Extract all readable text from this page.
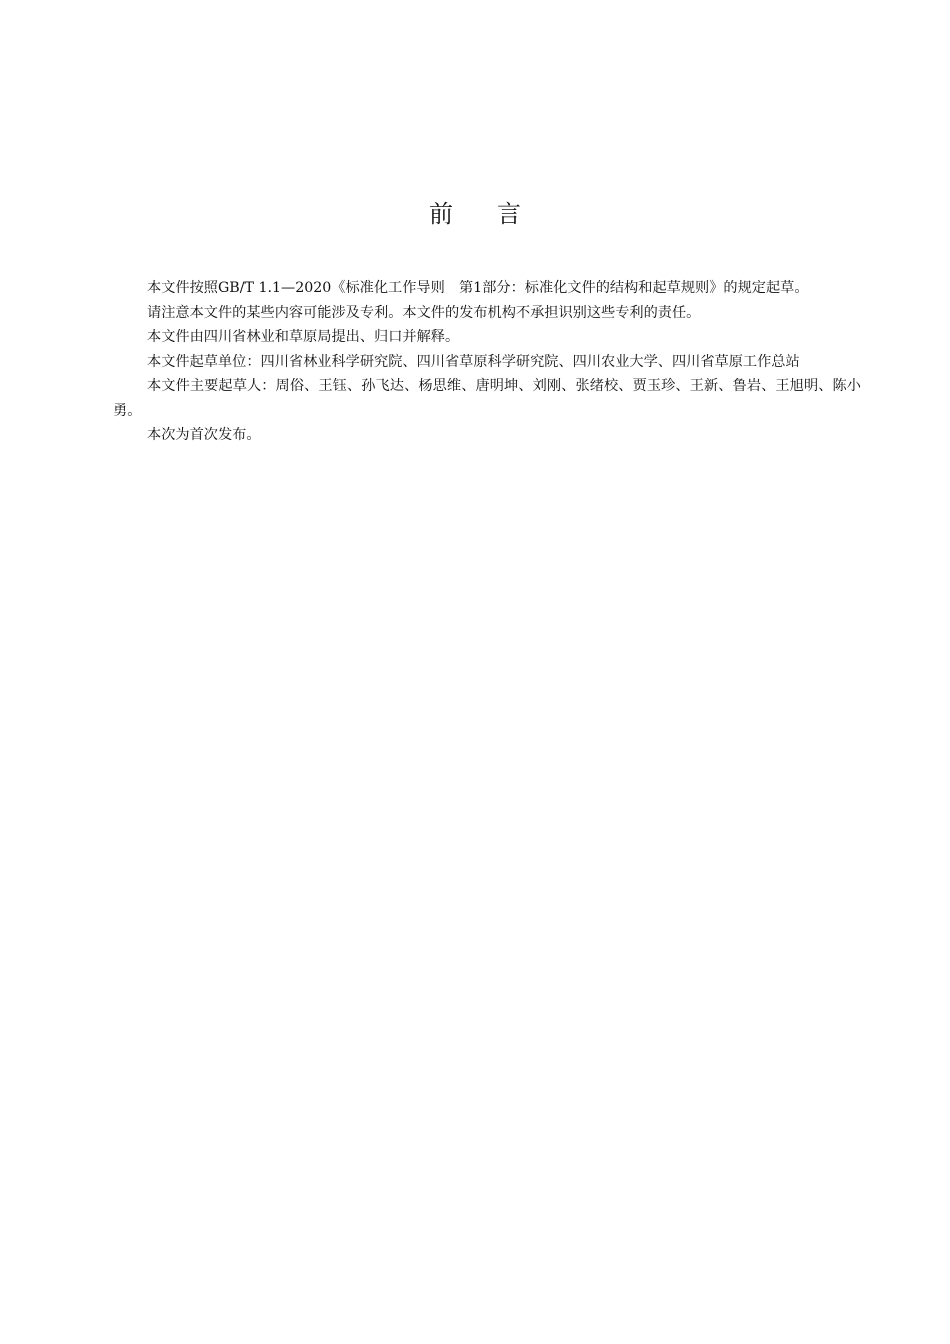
前 言

本文件按照GB/T 1.1—2020《标准化工作导则　第1部分：标准化文件的结构和起草规则》的规定起草。

请注意本文件的某些内容可能涉及专利。本文件的发布机构不承担识别这些专利的责任。

本文件由四川省林业和草原局提出、归口并解释。

本文件起草单位：四川省林业科学研究院、四川省草原科学研究院、四川农业大学、四川省草原工作总站

本文件主要起草人：周俗、王钰、孙飞达、杨思维、唐明坤、刘刚、张绪校、贾玉珍、王新、鲁岩、王旭明、陈小勇。

本次为首次发布。
